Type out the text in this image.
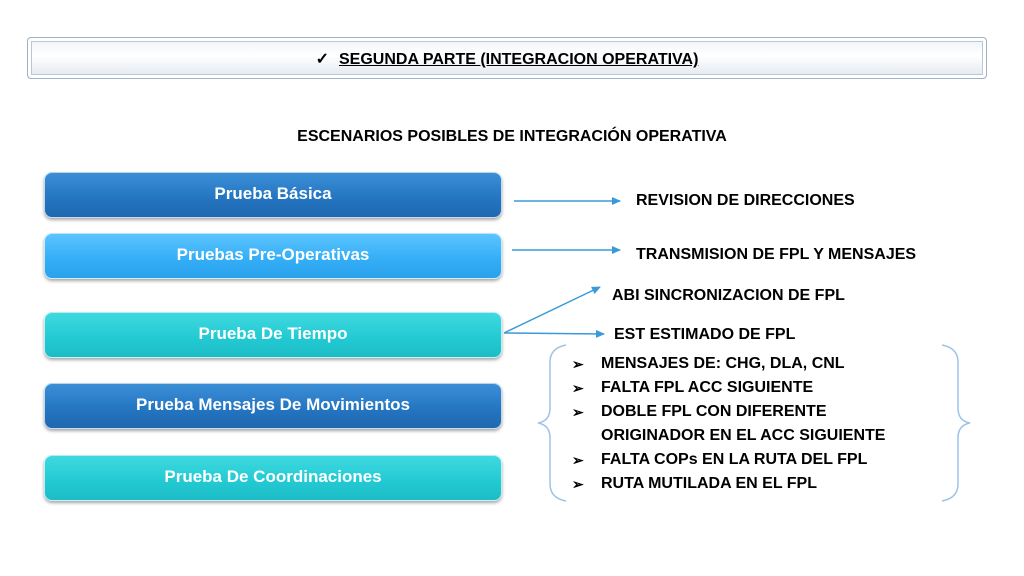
✓ SEGUNDA PARTE (INTEGRACION OPERATIVA)
ESCENARIOS POSIBLES DE INTEGRACIÓN OPERATIVA
Prueba Básica
Pruebas Pre-Operativas
Prueba De Tiempo
Prueba Mensajes De Movimientos
Prueba De Coordinaciones
REVISION DE DIRECCIONES
TRANSMISION DE FPL Y MENSAJES
ABI SINCRONIZACION DE FPL
EST ESTIMADO DE FPL
➢ MENSAJES DE: CHG, DLA, CNL
➢ FALTA FPL ACC SIGUIENTE
➢ DOBLE FPL CON DIFERENTE
ORIGINADOR EN EL ACC SIGUIENTE
➢ FALTA COPs EN LA RUTA DEL FPL
➢ RUTA MUTILADA EN EL FPL
